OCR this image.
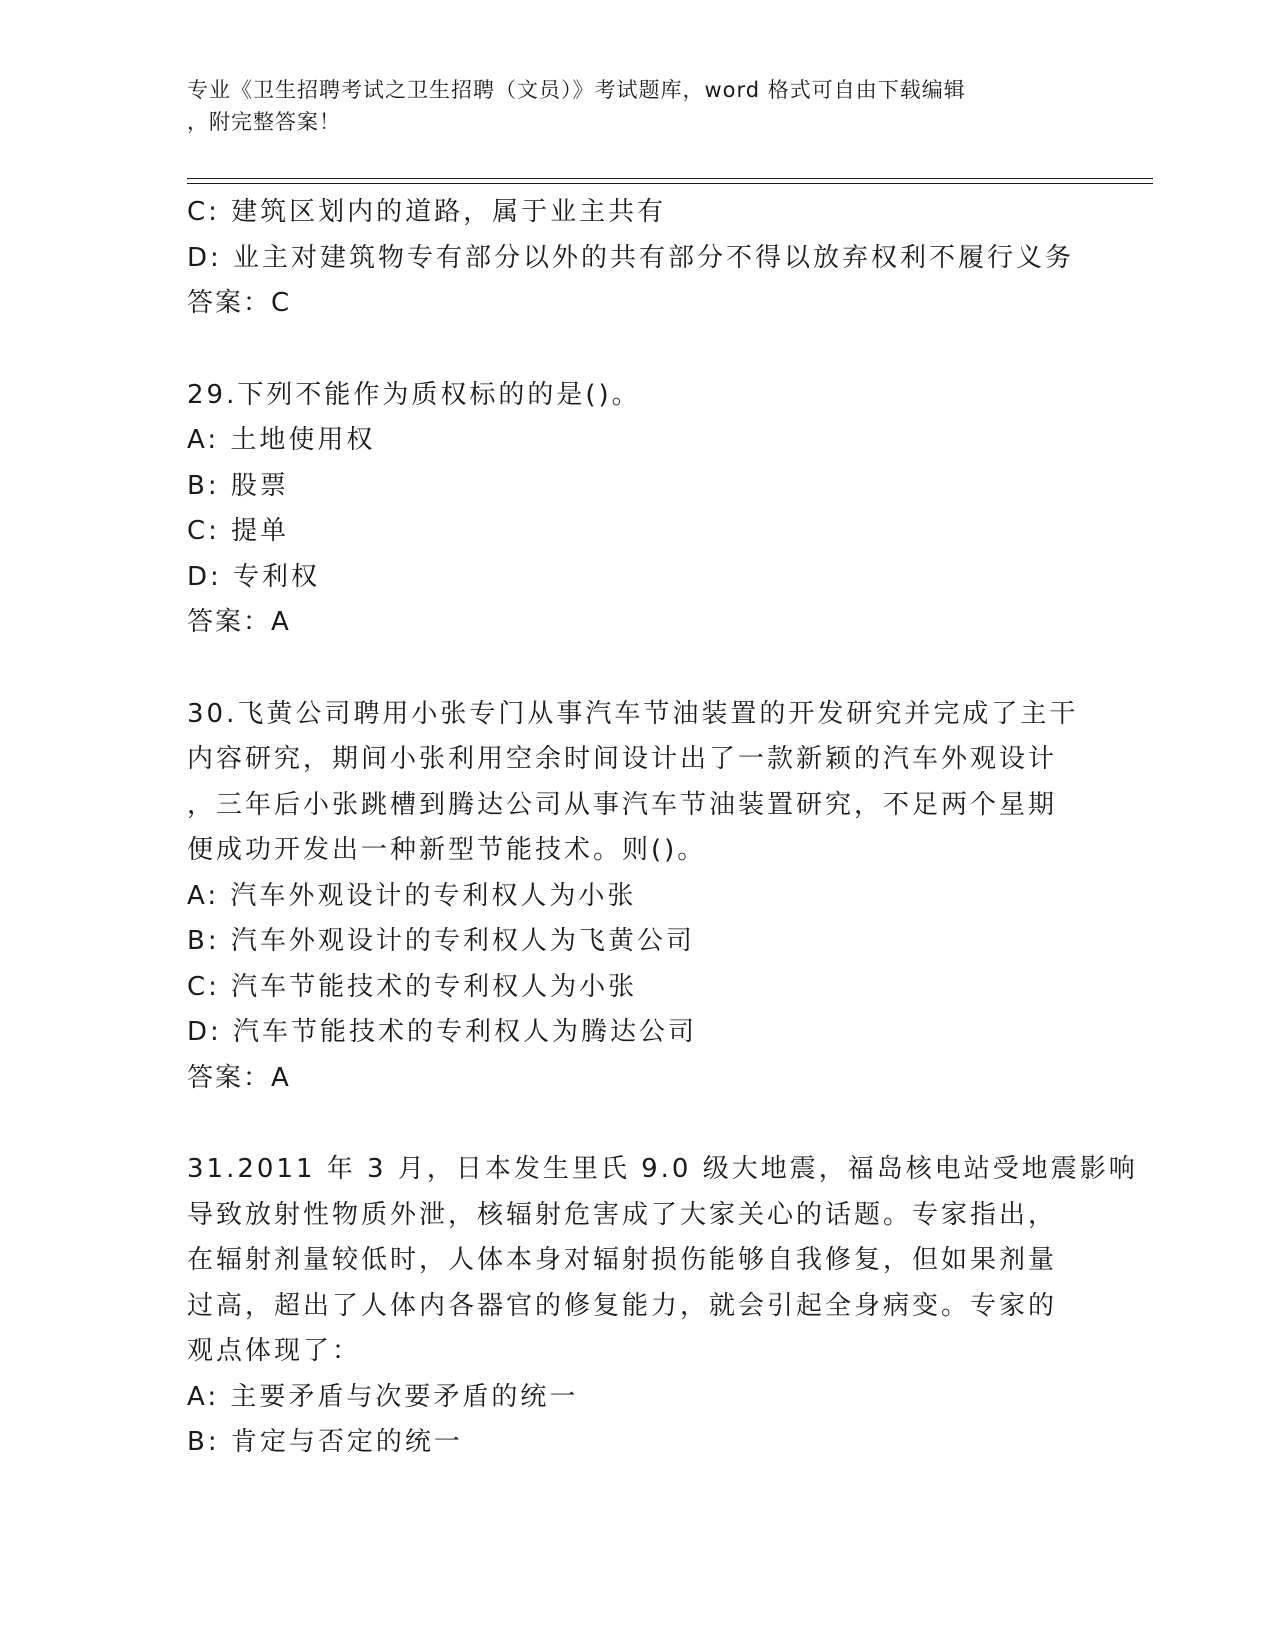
专业《卫生招聘考试之卫生招聘（文员）》考试题库，word 格式可自由下载编辑
，附完整答案！
C: 建筑区划内的道路，属于业主共有
D: 业主对建筑物专有部分以外的共有部分不得以放弃权利不履行义务
答案：C
29.下列不能作为质权标的的是()。
A: 土地使用权
B: 股票
C: 提单
D: 专利权
答案：A
30.飞黄公司聘用小张专门从事汽车节油装置的开发研究并完成了主干
内容研究，期间小张利用空余时间设计出了一款新颖的汽车外观设计
，三年后小张跳槽到腾达公司从事汽车节油装置研究，不足两个星期
便成功开发出一种新型节能技术。则()。
A: 汽车外观设计的专利权人为小张
B: 汽车外观设计的专利权人为飞黄公司
C: 汽车节能技术的专利权人为小张
D: 汽车节能技术的专利权人为腾达公司
答案：A
31.2011 年 3 月，日本发生里氏 9.0 级大地震，福岛核电站受地震影响
导致放射性物质外泄，核辐射危害成了大家关心的话题。专家指出，
在辐射剂量较低时，人体本身对辐射损伤能够自我修复，但如果剂量
过高，超出了人体内各器官的修复能力，就会引起全身病变。专家的
观点体现了：
A: 主要矛盾与次要矛盾的统一
B: 肯定与否定的统一
